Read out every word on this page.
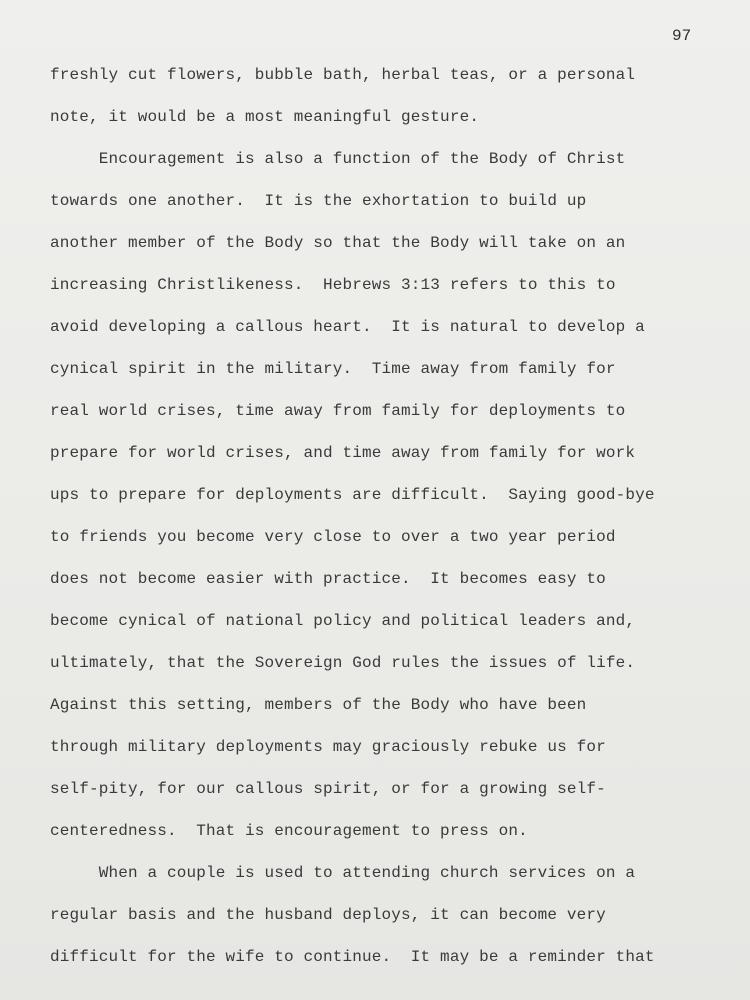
97
freshly cut flowers, bubble bath, herbal teas, or a personal
note, it would be a most meaningful gesture.
Encouragement is also a function of the Body of Christ
towards one another.  It is the exhortation to build up
another member of the Body so that the Body will take on an
increasing Christlikeness.  Hebrews 3:13 refers to this to
avoid developing a callous heart.  It is natural to develop a
cynical spirit in the military.  Time away from family for
real world crises, time away from family for deployments to
prepare for world crises, and time away from family for work
ups to prepare for deployments are difficult.  Saying good-bye
to friends you become very close to over a two year period
does not become easier with practice.  It becomes easy to
become cynical of national policy and political leaders and,
ultimately, that the Sovereign God rules the issues of life.
Against this setting, members of the Body who have been
through military deployments may graciously rebuke us for
self-pity, for our callous spirit, or for a growing self-
centeredness.  That is encouragement to press on.
When a couple is used to attending church services on a
regular basis and the husband deploys, it can become very
difficult for the wife to continue.  It may be a reminder that
